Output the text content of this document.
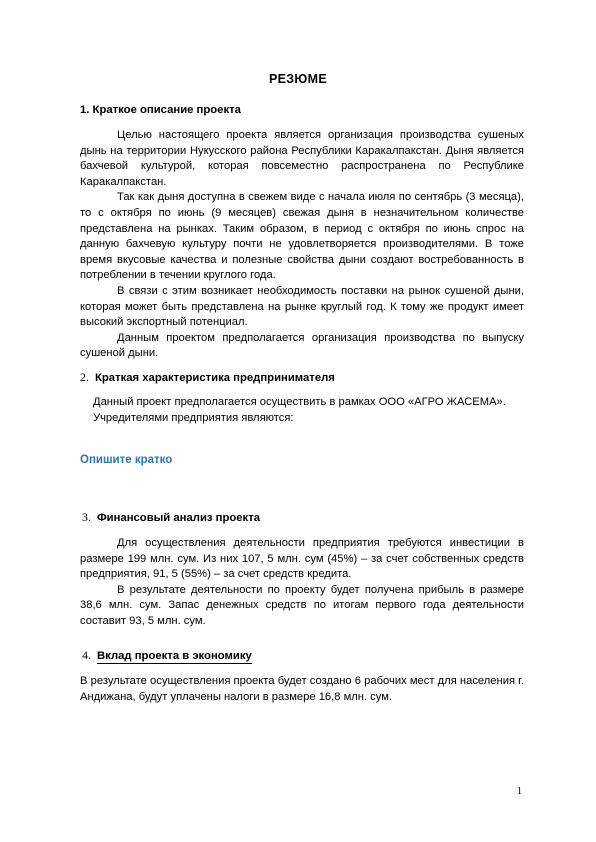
РЕЗЮМЕ
1. Краткое описание проекта

Целью настоящего проекта является организация производства сушеных дынь на территории Нукусского района Республики Каракалпакстан. Дыня является бахчевой культурой, которая повсеместно распространена по Республике Каракалпакстан.

Так как дыня доступна в свежем виде с начала июля по сентябрь (3 месяца), то с октября по июнь (9 месяцев) свежая дыня в незначительном количестве представлена на рынках. Таким образом, в период с октября по июнь спрос на данную бахчевую культуру почти не удовлетворяется производителями. В тоже время вкусовые качества и полезные свойства дыни создают востребованность в потреблении в течении круглого года.

В связи с этим возникает необходимость поставки на рынок сушеной дыни, которая может быть представлена на рынке круглый год. К тому же продукт имеет высокий экспортный потенциал.

Данным проектом предполагается организация производства по выпуску сушеной дыни.

2. Краткая характеристика предпринимателя

Данный проект предполагается осуществить в рамках ООО «АГРО ЖАСЕМА».

Учредителями предприятия являются:

Опишите кратко
3. Финансовый анализ проекта

Для осуществления деятельности предприятия требуются инвестиции в размере 199 млн. сум. Из них 107, 5 млн. сум (45%) – за счет собственных средств предприятия, 91, 5 (55%) – за счет средств кредита.

В результате деятельности по проекту будет получена прибыль в размере 38,6 млн. сум. Запас денежных средств по итогам первого года деятельности составит 93, 5 млн. сум.

4. Вклад проекта в экономику

В результате осуществления проекта будет создано 6 рабочих мест для населения г. Андижана, будут уплачены налоги в размере 16,8 млн. сум.

1
